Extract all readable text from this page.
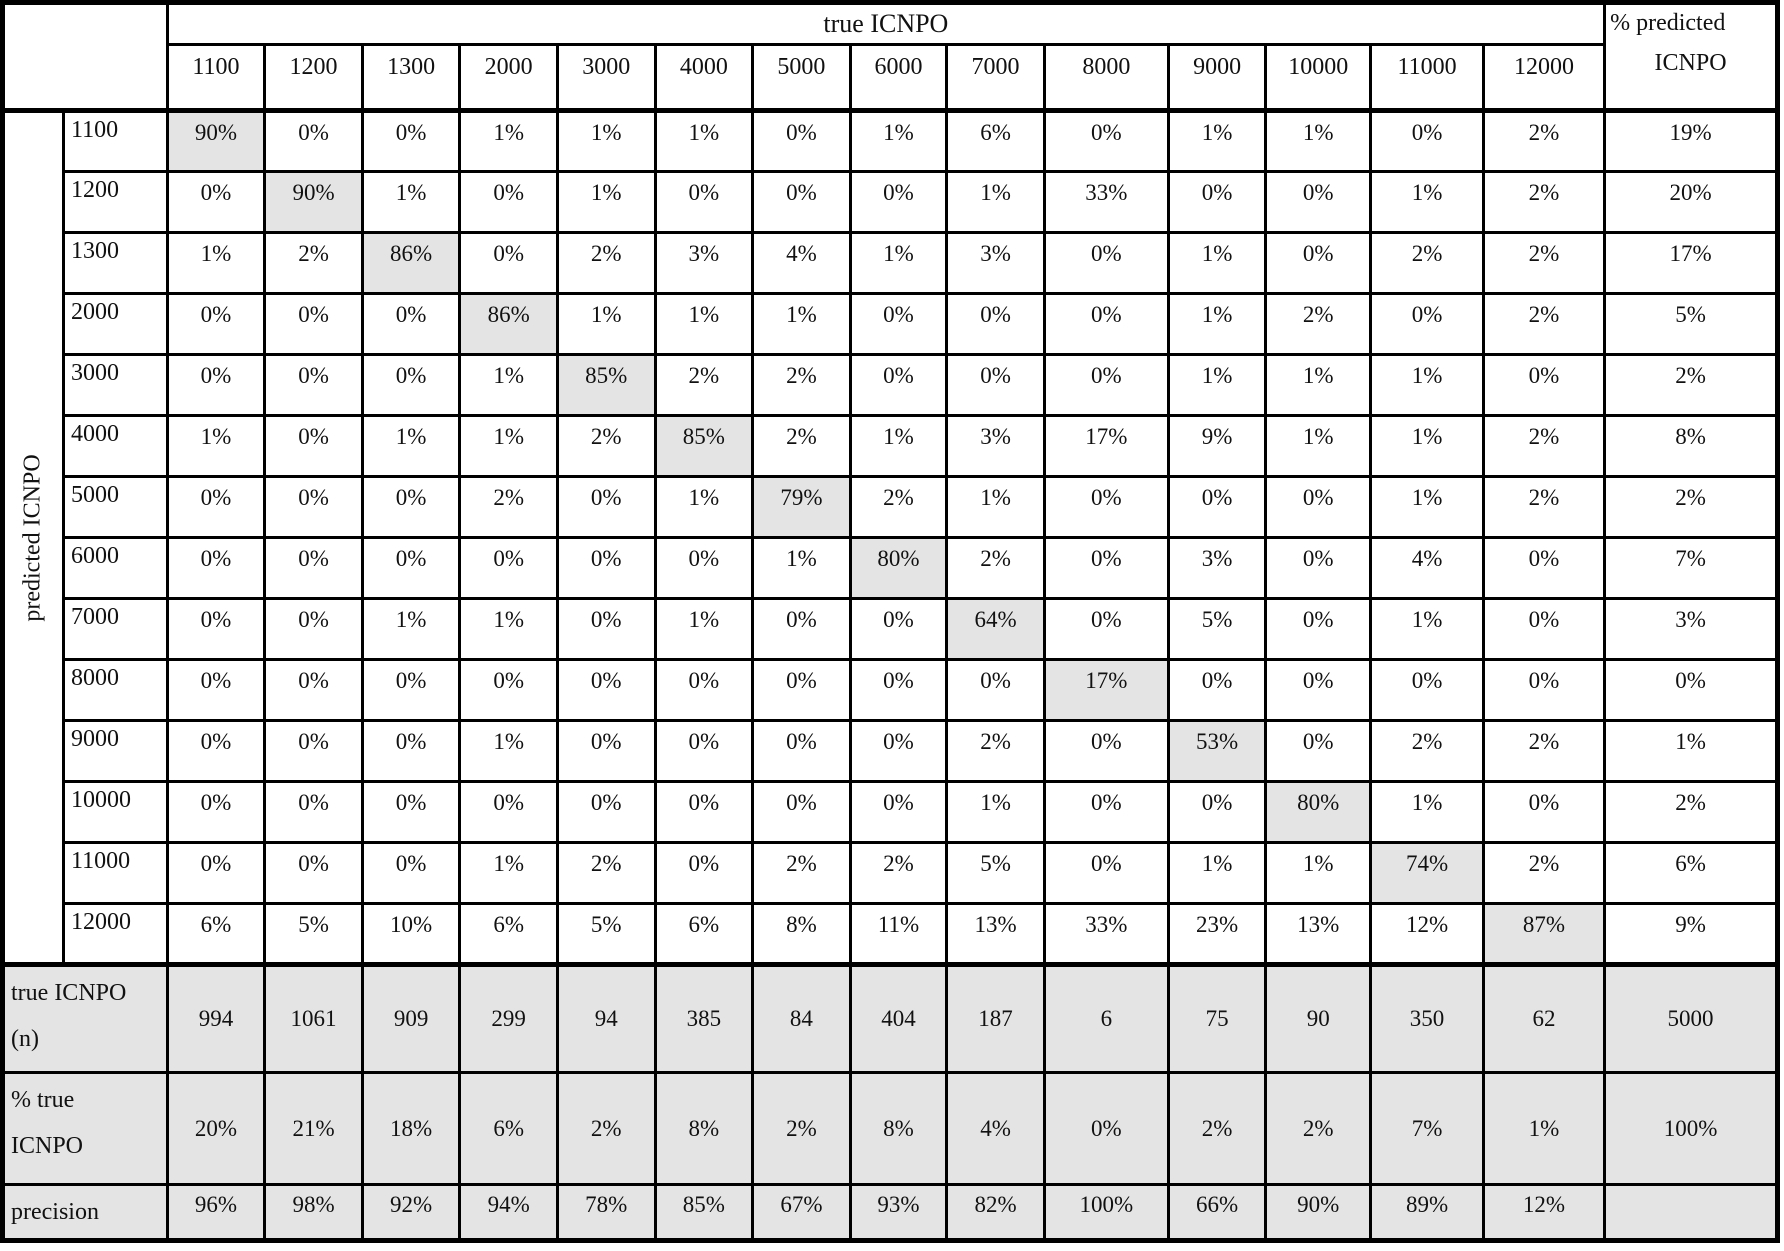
		true ICNPO														% predicted
ICNPO

		1100	1200	1300	2000	3000	4000	5000	6000	7000	8000	9000	10000	11000	12000	

predicted ICNPO	1100	90%	0%	0%	1%	1%	1%	0%	1%	6%	0%	1%	1%	0%	2%	19%
	1200	0%	90%	1%	0%	1%	0%	0%	0%	1%	33%	0%	0%	1%	2%	20%
	1300	1%	2%	86%	0%	2%	3%	4%	1%	3%	0%	1%	0%	2%	2%	17%
	2000	0%	0%	0%	86%	1%	1%	1%	0%	0%	0%	1%	2%	0%	2%	5%
	3000	0%	0%	0%	1%	85%	2%	2%	0%	0%	0%	1%	1%	1%	0%	2%
	4000	1%	0%	1%	1%	2%	85%	2%	1%	3%	17%	9%	1%	1%	2%	8%
	5000	0%	0%	0%	2%	0%	1%	79%	2%	1%	0%	0%	0%	1%	2%	2%
	6000	0%	0%	0%	0%	0%	0%	1%	80%	2%	0%	3%	0%	4%	0%	7%
	7000	0%	0%	1%	1%	0%	1%	0%	0%	64%	0%	5%	0%	1%	0%	3%
	8000	0%	0%	0%	0%	0%	0%	0%	0%	0%	17%	0%	0%	0%	0%	0%
	9000	0%	0%	0%	1%	0%	0%	0%	0%	2%	0%	53%	0%	2%	2%	1%
	10000	0%	0%	0%	0%	0%	0%	0%	0%	1%	0%	0%	80%	1%	0%	2%
	11000	0%	0%	0%	1%	2%	0%	2%	2%	5%	0%	1%	1%	74%	2%	6%
	12000	6%	5%	10%	6%	5%	6%	8%	11%	13%	33%	23%	13%	12%	87%	9%

true ICNPO
(n)		994	1061	909	299	94	385	84	404	187	6	75	90	350	62	5000

% true
ICNPO		20%	21%	18%	6%	2%	8%	2%	8%	4%	0%	2%	2%	7%	1%	100%

precision		96%	98%	92%	94%	78%	85%	67%	93%	82%	100%	66%	90%	89%	12%	
